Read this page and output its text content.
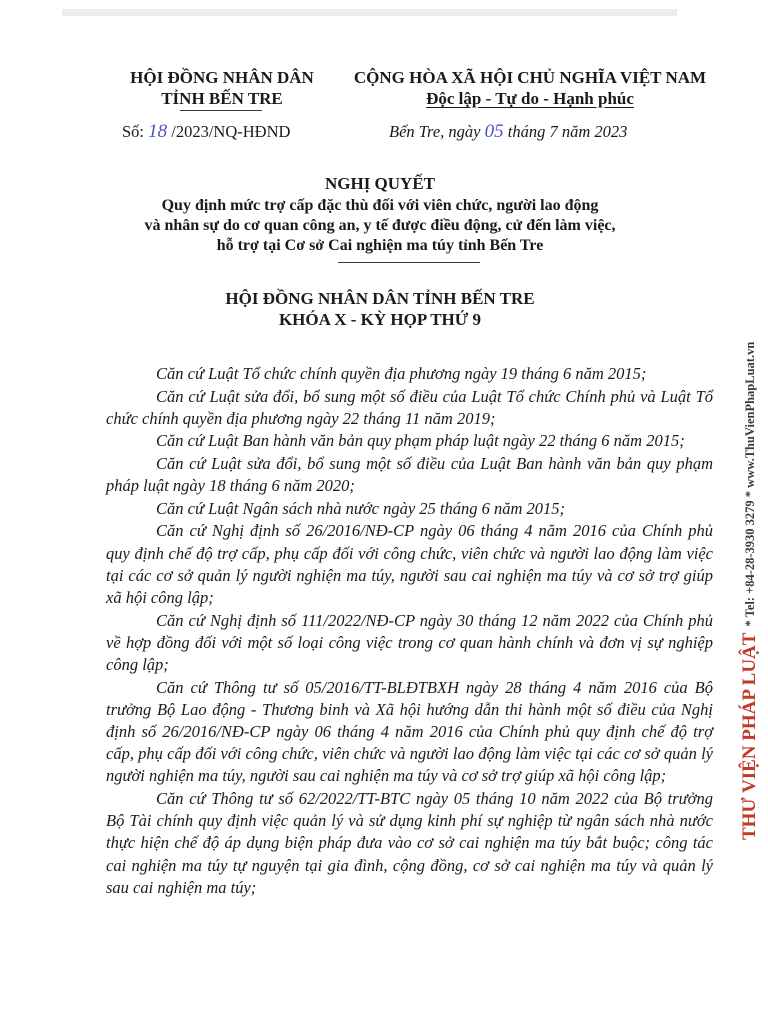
HỘI ĐỒNG NHÂN DÂN
TỈNH BẾN TRE
CỘNG HÒA XÃ HỘI CHỦ NGHĨA VIỆT NAM
Độc lập - Tự do - Hạnh phúc
Số: 18 /2023/NQ-HĐND	Bến Tre, ngày 05 tháng 7 năm 2023
NGHỊ QUYẾT
Quy định mức trợ cấp đặc thù đối với viên chức, người lao động
và nhân sự do cơ quan công an, y tế được điều động, cử đến làm việc,
hỗ trợ tại Cơ sở Cai nghiện ma túy tỉnh Bến Tre
HỘI ĐỒNG NHÂN DÂN TỈNH BẾN TRE
KHÓA X - KỲ HỌP THỨ 9

Căn cứ Luật Tổ chức chính quyền địa phương ngày 19 tháng 6 năm 2015;

Căn cứ Luật sửa đổi, bổ sung một số điều của Luật Tổ chức Chính phủ và Luật Tổ chức chính quyền địa phương ngày 22 tháng 11 năm 2019;

Căn cứ Luật Ban hành văn bản quy phạm pháp luật ngày 22 tháng 6 năm 2015;

Căn cứ Luật sửa đổi, bổ sung một số điều của Luật Ban hành văn bản quy phạm pháp luật ngày 18 tháng 6 năm 2020;

Căn cứ Luật Ngân sách nhà nước ngày 25 tháng 6 năm 2015;

Căn cứ Nghị định số 26/2016/NĐ-CP ngày 06 tháng 4 năm 2016 của Chính phủ quy định chế độ trợ cấp, phụ cấp đối với công chức, viên chức và người lao động làm việc tại các cơ sở quản lý người nghiện ma túy, người sau cai nghiện ma túy và cơ sở trợ giúp xã hội công lập;

Căn cứ Nghị định số 111/2022/NĐ-CP ngày 30 tháng 12 năm 2022 của Chính phủ về hợp đồng đối với một số loại công việc trong cơ quan hành chính và đơn vị sự nghiệp công lập;

Căn cứ Thông tư số 05/2016/TT-BLĐTBXH ngày 28 tháng 4 năm 2016 của Bộ trưởng Bộ Lao động - Thương binh và Xã hội hướng dẫn thi hành một số điều của Nghị định số 26/2016/NĐ-CP ngày 06 tháng 4 năm 2016 của Chính phủ quy định chế độ trợ cấp, phụ cấp đối với công chức, viên chức và người lao động làm việc tại các cơ sở quản lý người nghiện ma túy, người sau cai nghiện ma túy và cơ sở trợ giúp xã hội công lập;

Căn cứ Thông tư số 62/2022/TT-BTC ngày 05 tháng 10 năm 2022 của Bộ trưởng Bộ Tài chính quy định việc quản lý và sử dụng kinh phí sự nghiệp từ ngân sách nhà nước thực hiện chế độ áp dụng biện pháp đưa vào cơ sở cai nghiện ma túy bắt buộc; công tác cai nghiện ma túy tự nguyện tại gia đình, cộng đồng, cơ sở cai nghiện ma túy và quản lý sau cai nghiện ma túy;

THƯ VIỆN PHÁP LUẬT* Tel: +84-28-3930 3279 * www.ThuVienPhapLuat.vn
